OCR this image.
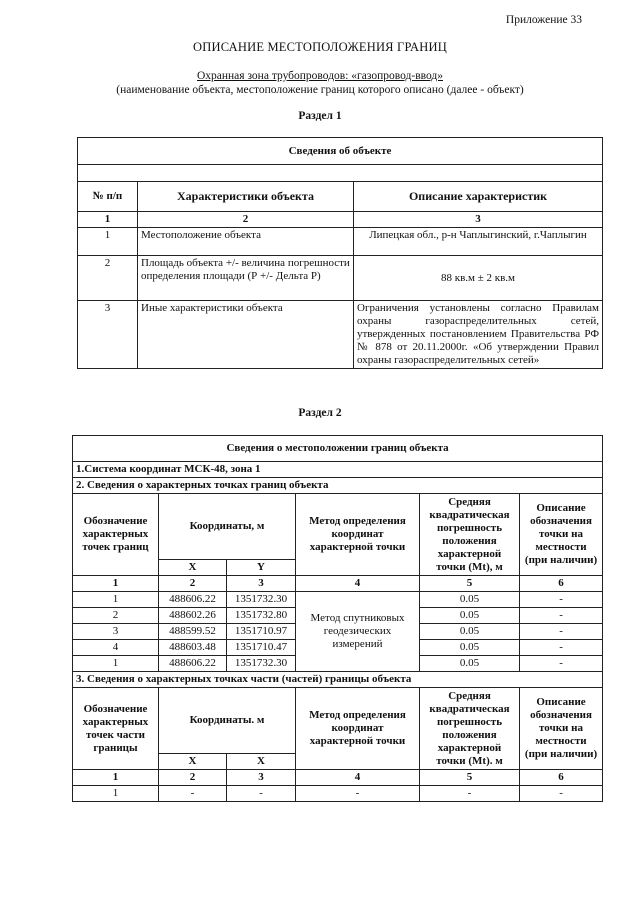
Приложение 33
ОПИСАНИЕ МЕСТОПОЛОЖЕНИЯ ГРАНИЦ
Охранная зона трубопроводов: «газопровод-ввод»
(наименование объекта, местоположение границ которого описано (далее - объект)
Раздел 1
Сведения об объекте		

№ п/п	Характеристики объекта	Описание характеристик
1	2	3
1	Местоположение объекта	Липецкая обл., р-н Чаплыгинский, г.Чаплыгин
2	Площадь объекта +/- величина погрешности определения площади (Р +/- Дельта Р)	88 кв.м ± 2 кв.м
3	Иные характеристики объекта	Ограничения установлены согласно Правилам охраны газораспределительных сетей, утвержденных постановлением Правительства РФ № 878 от 20.11.2000г. «Об утверждении Правил охраны газораспределительных сетей»
Раздел 2
Сведения о местоположении границ объекта					
1.Система координат МСК-48, зона 1					
2. Сведения о характерных точках границ объекта					
Обозначение характерных точек границ	Координаты, м		Метод определения координат характерной точки	Средняя квадратическая погрешность положения характерной точки (Mt), м	Описание обозначения точки на местности (при наличии)
	X	Y			
1	2	3	4	5	6
1	488606.22	1351732.30	Метод спутниковых геодезических измерений	0.05	-
2	488602.26	1351732.80		0.05	-
3	488599.52	1351710.97		0.05	-
4	488603.48	1351710.47		0.05	-
1	488606.22	1351732.30		0.05	-
3. Сведения о характерных точках части (частей) границы объекта					
Обозначение характерных точек части границы	Координаты. м		Метод определения координат характерной точки	Средняя квадратическая погрешность положения характерной точки (Mt). м	Описание обозначения точки на местности (при наличии)
	X	X			
1	2	3	4	5	6
1	-	-	-	-	-
